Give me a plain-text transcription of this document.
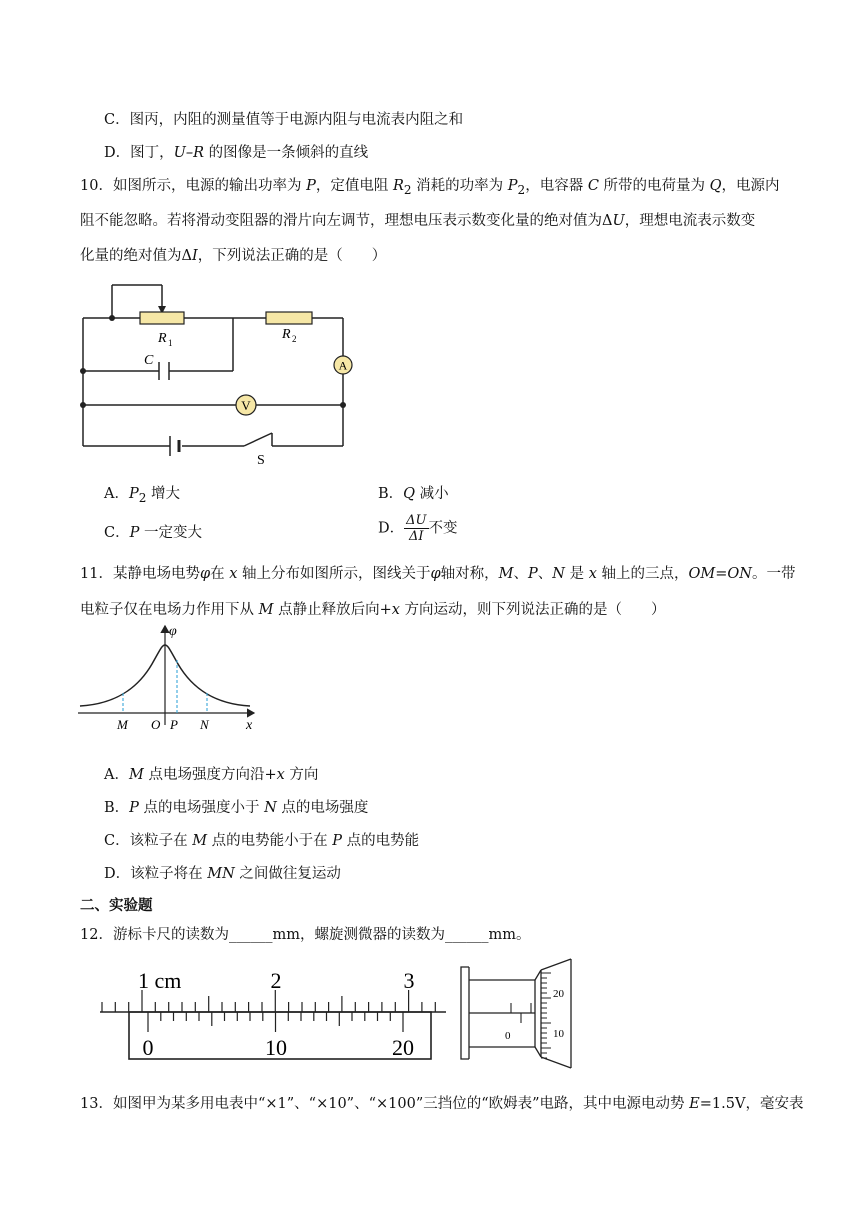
C．图丙，内阻的测量值等于电源内阻与电流表内阻之和
D．图丁，U–R 的图像是一条倾斜的直线
10．如图所示，电源的输出功率为 P，定值电阻 $R_2$ 消耗的功率为 $P_2$，电容器 C 所带的电荷量为 Q，电源内
阻不能忽略。若将滑动变阻器的滑片向左调节，理想电压表示数变化量的绝对值为ΔU，理想电流表示数变
化量的绝对值为ΔI，下列说法正确的是（　　）
A
V
R 1
R 2
C
S
A．$P_2$ 增大	B．Q 减小
C．P 一定变大	D． $\frac{\Delta U}{\Delta I}$ 不变
11．某静电场电势φ在 x 轴上分布如图所示，图线关于φ轴对称，M、P、N 是 x 轴上的三点，OM=ON。一带
电粒子仅在电场力作用下从 M 点静止释放后向+x 方向运动，则下列说法正确的是（　　）
φ
x
M O P N
A．M 点电场强度方向沿+x 方向
B．P 点的电场强度小于 N 点的电场强度
C．该粒子在 M 点的电势能小于在 P 点的电势能
D．该粒子将在 MN 之间做往复运动
二、实验题
12．游标卡尺的读数为______mm，螺旋测微器的读数为______mm。
1 cm	2	3
0	10	20
20
10
0
13．如图甲为某多用电表中“×1”、“×10”、“×100”三挡位的“欧姆表”电路，其中电源电动势 E=1.5V，毫安表
